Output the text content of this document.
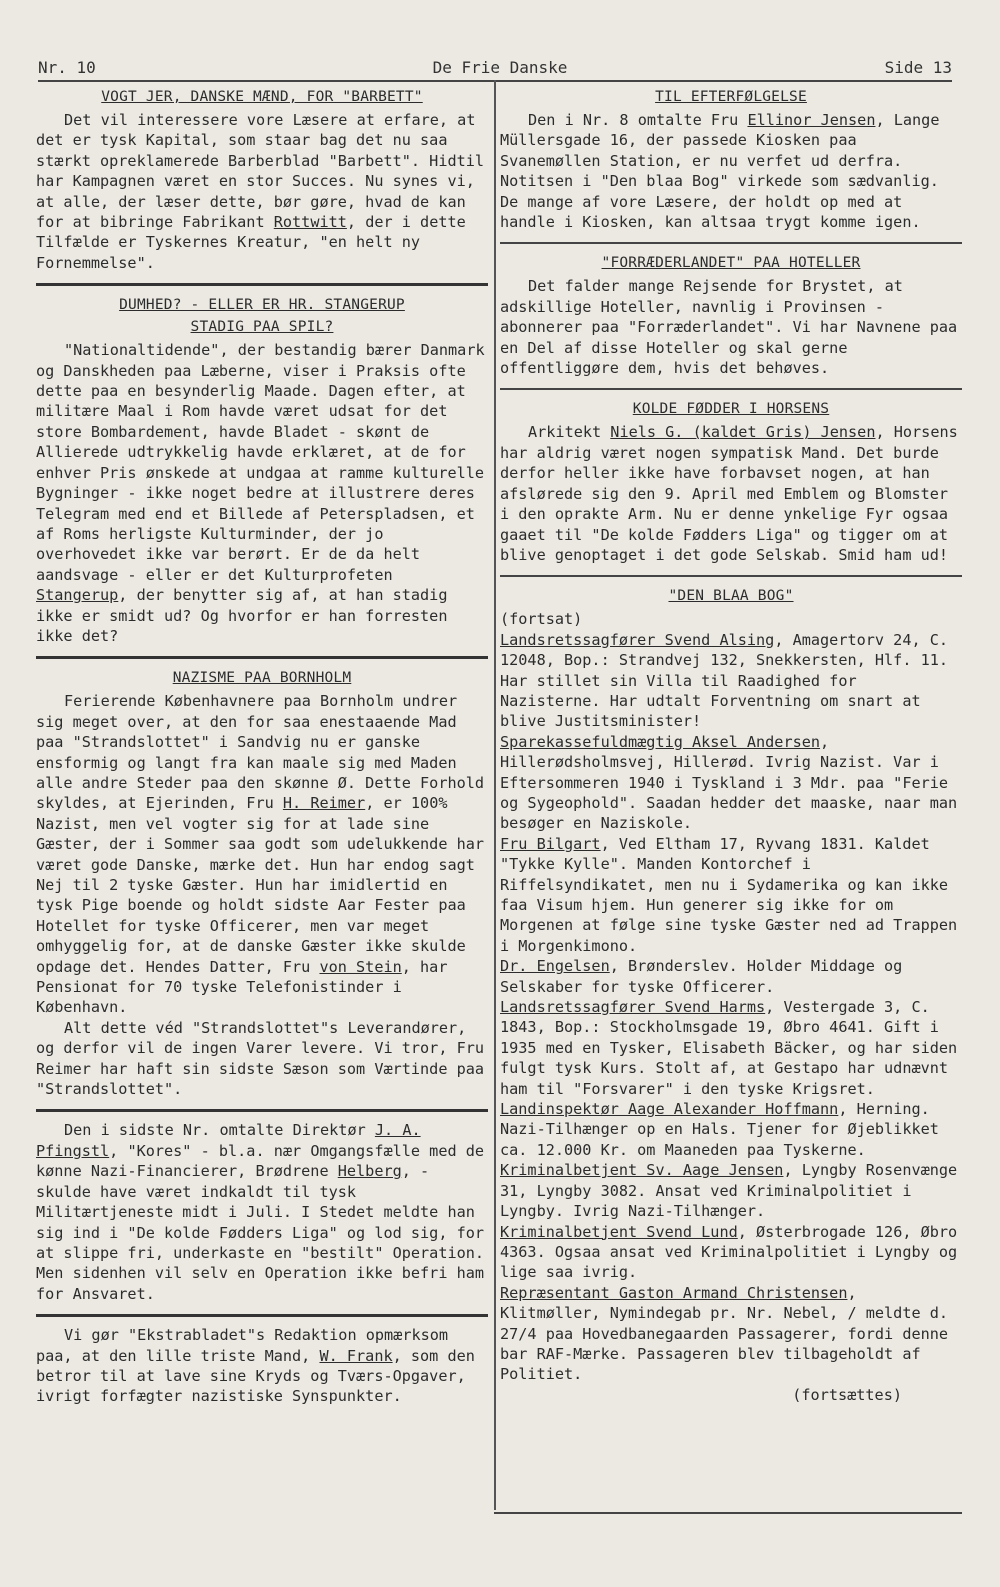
Nr. 10	De Frie Danske	Side 13
VOGT JER, DANSKE MÆND, FOR "BARBETT"
Det vil interessere vore Læsere at erfare, at det er tysk Kapital, som staar bag det nu saa stærkt opreklamerede Barberblad "Barbett". Hidtil har Kampagnen været en stor Succes. Nu synes vi, at alle, der læser dette, bør gøre, hvad de kan for at bibringe Fabrikant Rottwitt, der i dette Tilfælde er Tyskernes Kreatur, "en helt ny Fornemmelse".
DUMHED? - ELLER ER HR. STANGERUP
STADIG PAA SPIL?
"Nationaltidende", der bestandig bærer Danmark og Danskheden paa Læberne, viser i Praksis ofte dette paa en besynderlig Maade. Dagen efter, at militære Maal i Rom havde været udsat for det store Bombardement, havde Bladet - skønt de Allierede udtrykkelig havde erklæret, at de for enhver Pris ønskede at undgaa at ramme kulturelle Bygninger - ikke noget bedre at illustrere deres Telegram med end et Billede af Peterspladsen, et af Roms herligste Kulturminder, der jo overhovedet ikke var berørt. Er de da helt aandsvage - eller er det Kulturprofeten Stangerup, der benytter sig af, at han stadig ikke er smidt ud? Og hvorfor er han forresten ikke det?
NAZISME PAA BORNHOLM

Ferierende Københavnere paa Bornholm undrer sig meget over, at den for saa enestaaende Mad paa "Strandslottet" i Sandvig nu er ganske ensformig og langt fra kan maale sig med Maden alle andre Steder paa den skønne Ø. Dette Forhold skyldes, at Ejerinden, Fru H. Reimer, er 100% Nazist, men vel vogter sig for at lade sine Gæster, der i Sommer saa godt som udelukkende har været gode Danske, mærke det. Hun har endog sagt Nej til 2 tyske Gæster. Hun har imidlertid en tysk Pige boende og holdt sidste Aar Fester paa Hotellet for tyske Officerer, men var meget omhyggelig for, at de danske Gæster ikke skulde opdage det. Hendes Datter, Fru von Stein, har Pensionat for 70 tyske Telefonistinder i København.

Alt dette véd "Strandslottet"s Leverandører, og derfor vil de ingen Varer levere. Vi tror, Fru Reimer har haft sin sidste Sæson som Værtinde paa "Strandslottet".

Den i sidste Nr. omtalte Direktør J. A. Pfingstl, "Kores" - bl.a. nær Omgangsfælle med de kønne Nazi-Financierer, Brødrene Helberg, - skulde have været indkaldt til tysk Militærtjeneste midt i Juli. I Stedet meldte han sig ind i "De kolde Fødders Liga" og lod sig, for at slippe fri, underkaste en "bestilt" Operation. Men sidenhen vil selv en Operation ikke befri ham for Ansvaret.
Vi gør "Ekstrabladet"s Redaktion opmærksom paa, at den lille triste Mand, W. Frank, som den betror til at lave sine Kryds og Tværs-Opgaver, ivrigt forfægter nazistiske Synspunkter.
TIL EFTERFØLGELSE
Den i Nr. 8 omtalte Fru Ellinor Jensen, Lange Müllersgade 16, der passede Kiosken paa Svanemøllen Station, er nu verfet ud derfra. Notitsen i "Den blaa Bog" virkede som sædvanlig. De mange af vore Læsere, der holdt op med at handle i Kiosken, kan altsaa trygt komme igen.
"FORRÆDERLANDET" PAA HOTELLER
Det falder mange Rejsende for Brystet, at adskillige Hoteller, navnlig i Provinsen - abonnerer paa "Forræderlandet". Vi har Navnene paa en Del af disse Hoteller og skal gerne offentliggøre dem, hvis det behøves.
KOLDE FØDDER I HORSENS
Arkitekt Niels G. (kaldet Gris) Jensen, Horsens har aldrig været nogen sympatisk Mand. Det burde derfor heller ikke have forbavset nogen, at han afslørede sig den 9. April med Emblem og Blomster i den oprakte Arm. Nu er denne ynkelige Fyr ogsaa gaaet til "De kolde Fødders Liga" og tigger om at blive genoptaget i det gode Selskab. Smid ham ud!
"DEN BLAA BOG"
(fortsat)

Landsretssagfører Svend Alsing, Amagertorv 24, C. 12048, Bop.: Strandvej 132, Snekkersten, Hlf. 11. Har stillet sin Villa til Raadighed for Nazisterne. Har udtalt Forventning om snart at blive Justitsminister!

Sparekassefuldmægtig Aksel Andersen, Hillerødsholmsvej, Hillerød. Ivrig Nazist. Var i Eftersommeren 1940 i Tyskland i 3 Mdr. paa "Ferie og Sygeophold". Saadan hedder det maaske, naar man besøger en Naziskole.

Fru Bilgart, Ved Eltham 17, Ryvang 1831. Kaldet "Tykke Kylle". Manden Kontorchef i Riffelsyndikatet, men nu i Sydamerika og kan ikke faa Visum hjem. Hun generer sig ikke for om Morgenen at følge sine tyske Gæster ned ad Trappen i Morgenkimono.

Dr. Engelsen, Brønderslev. Holder Middage og Selskaber for tyske Officerer.

Landsretssagfører Svend Harms, Vestergade 3, C. 1843, Bop.: Stockholmsgade 19, Øbro 4641. Gift i 1935 med en Tysker, Elisabeth Bäcker, og har siden fulgt tysk Kurs. Stolt af, at Gestapo har udnævnt ham til "Forsvarer" i den tyske Krigsret.

Landinspektør Aage Alexander Hoffmann, Herning. Nazi-Tilhænger op en Hals. Tjener for Øjeblikket ca. 12.000 Kr. om Maaneden paa Tyskerne.

Kriminalbetjent Sv. Aage Jensen, Lyngby Rosenvænge 31, Lyngby 3082. Ansat ved Kriminalpolitiet i Lyngby. Ivrig Nazi-Tilhænger.

Kriminalbetjent Svend Lund, Østerbrogade 126, Øbro 4363. Ogsaa ansat ved Kriminalpolitiet i Lyngby og lige saa ivrig.

Repræsentant Gaston Armand Christensen, Klitmøller, Nymindegab pr. Nr. Nebel, / meldte d. 27/4 paa Hovedbanegaarden Passagerer, fordi denne bar RAF-Mærke. Passageren blev tilbageholdt af Politiet.

(fortsættes)
